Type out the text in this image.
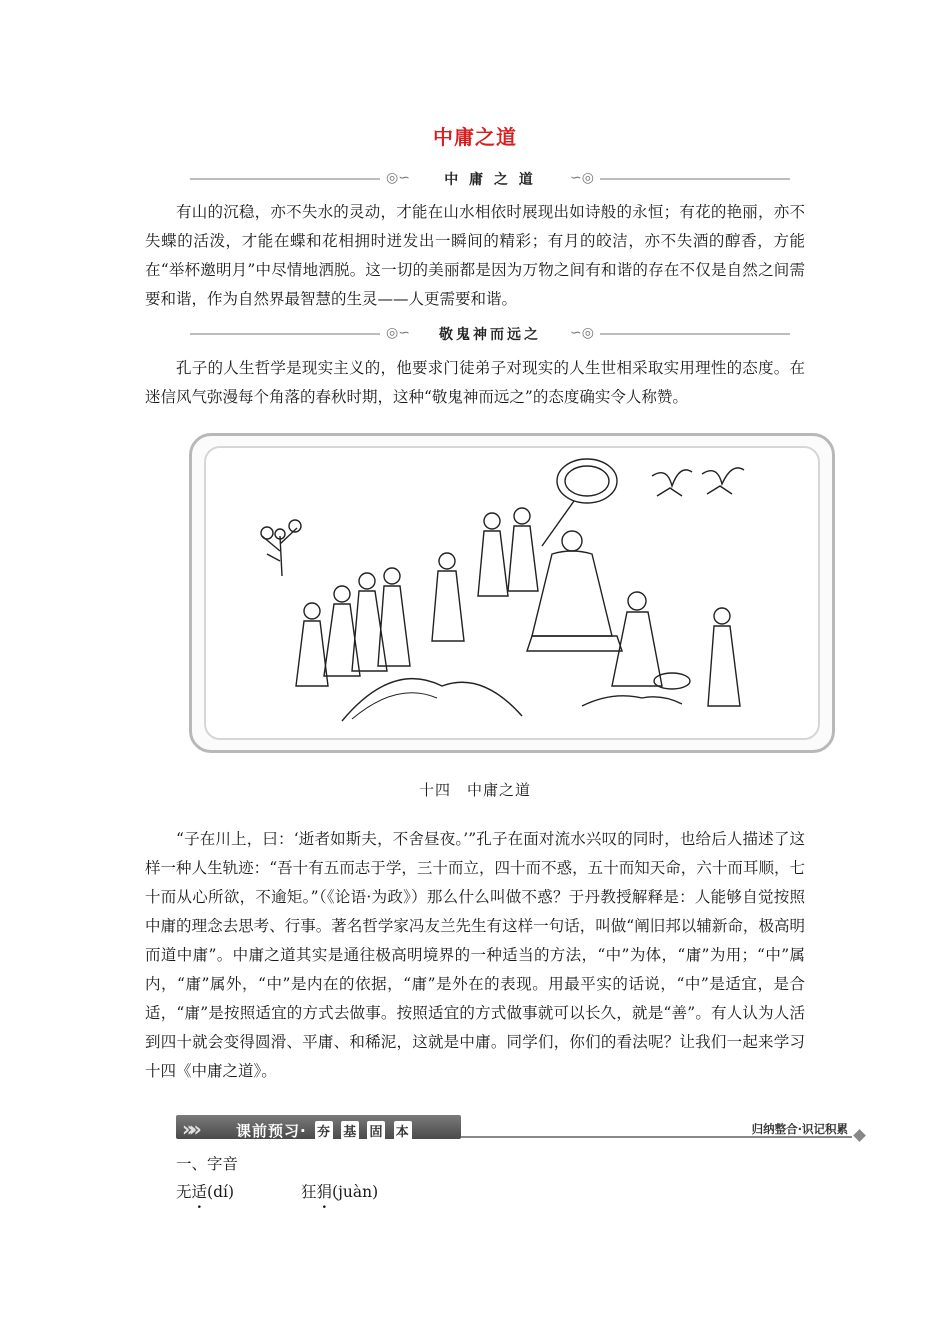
中庸之道
◎∽	中 庸 之 道	∽◎
有山的沉稳，亦不失水的灵动，才能在山水相依时展现出如诗般的永恒；有花的艳丽，亦不失蝶的活泼，才能在蝶和花相拥时迸发出一瞬间的精彩；有月的皎洁，亦不失酒的醇香，方能在“举杯邀明月”中尽情地洒脱。这一切的美丽都是因为万物之间有和谐的存在不仅是自然之间需要和谐，作为自然界最智慧的生灵——人更需要和谐。
◎∽	敬鬼神而远之	∽◎
孔子的人生哲学是现实主义的，他要求门徒弟子对现实的人生世相采取实用理性的态度。在迷信风气弥漫每个角落的春秋时期，这种“敬鬼神而远之”的态度确实令人称赞。
十四　中庸之道
“子在川上，曰：‘逝者如斯夫，不舍昼夜。’”孔子在面对流水兴叹的同时，也给后人描述了这样一种人生轨迹：“吾十有五而志于学，三十而立，四十而不惑，五十而知天命，六十而耳顺，七十而从心所欲，不逾矩。”（《论语·为政》）那么什么叫做不惑？于丹教授解释是：人能够自觉按照中庸的理念去思考、行事。著名哲学家冯友兰先生有这样一句话，叫做“阐旧邦以辅新命，极高明而道中庸”。中庸之道其实是通往极高明境界的一种适当的方法，“中”为体，“庸”为用；“中”属内，“庸”属外，“中”是内在的依据，“庸”是外在的表现。用最平实的话说，“中”是适宜，是合适，“庸”是按照适宜的方式去做事。按照适宜的方式做事就可以长久，就是“善”。有人认为人活到四十就会变得圆滑、平庸、和稀泥，这就是中庸。同学们，你们的看法呢？让我们一起来学习十四《中庸之道》。
»»	课前预习· 夯 基 固 本	归纳整合·识记积累
一、字音
无适(dí)	狂狷(juàn)
